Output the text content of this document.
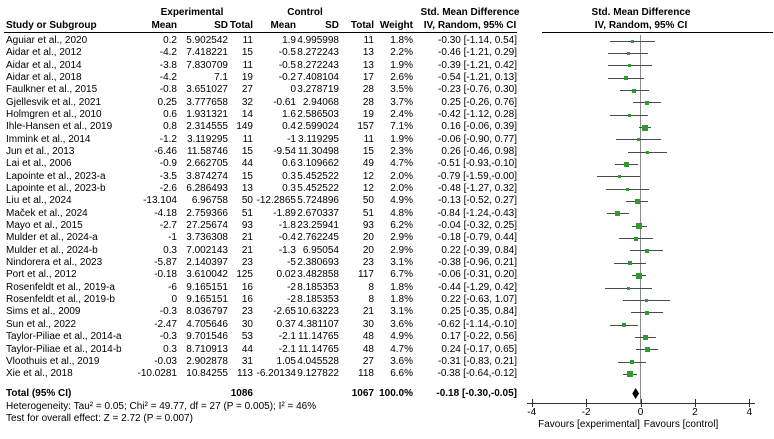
Experimental	Control	Std. Mean Difference	Std. Mean Difference
Study or Subgroup	Mean	SD Total	Mean	SD	Total Weight	IV, Random, 95% CI	IV, Random, 95% CI
Aguiar et al., 2020	0.2 5.902542	11	1.9 4.995998	11	1.8%	-0.30 [-1.14, 0.54]
Aidar et al., 2012	-4.2 7.418221	15	-0.5 8.272243	13	2.2%	-0.46 [-1.21, 0.29]
Aidar et al., 2014	-3.8 7.830709	11	-0.5 8.272243	13	1.9%	-0.39 [-1.21, 0.42]
Aidar et al., 2018	-4.2	7.1	19	-0.2 7.408104	17	2.6%	-0.54 [-1.21, 0.13]
Faulkner et al., 2015	-0.8 3.651027	27	0 3.278719	28	3.5%	-0.23 [-0.76, 0.30]
Gjellesvik et al., 2021	0.25 3.777658	32	-0.61 2.94068	28	3.7%	0.25 [-0.26, 0.76]
Holmgren et al., 2010	0.6 1.931321	14	1.6 2.586503	19	2.4%	-0.42 [-1.12, 0.28]
Ihle-Hansen et al., 2019	0.8 2.314555 149	0.4 2.599024	157	7.1%	0.16 [-0.06, 0.39]
Immink et al., 2014	-1.2	3.119295	11	-1 3.119295	11	1.9%	-0.06 [-0.90, 0.77]
Jun et al., 2013	-6.46	11.58746	15	-9.54 11.30498	15	2.3%	0.26 [-0.46, 0.98]
Lai et al., 2006	-0.9 2.662705	44	0.6 3.109662	49	4.7%	-0.51 [-0.93,-0.10]
Lapointe et al., 2023-a	-3.5 3.874274	15	0.3 5.452522	12	2.0%	-0.79 [-1.59,-0.00]
Lapointe et al., 2023-b	-2.6 6.286493	13	0.3 5.452522	12	2.0%	-0.48 [-1.27, 0.32]
Liu et al., 2024	-13.104	6.96758	50 -12.2865 5.724896	50	4.9%	-0.13 [-0.52, 0.27]
Maček et al., 2024	-4.18 2.759366	51	-1.89 2.670337	51	4.8%	-0.84 [-1.24,-0.43]
Mayo et al., 2015	-2.7 27.25674	93	-1.8 23.25941	93	6.2%	-0.04 [-0.32, 0.25]
Mulder et al., 2024-a	-1 3.736308	21	-0.4 2.762245	20	2.9%	-0.18 [-0.79, 0.44]
Mulder et al., 2024-b	0.3 7.002143	21	-1.3 6.95054	20	2.9%	0.22 [-0.39, 0.84]
Nindorera et al., 2023	-5.87 2.140397	23	-5 2.380693	23	3.1%	-0.38 [-0.96, 0.21]
Port et al., 2012	-0.18 3.610042 125	0.02 3.482858	117	6.7%	-0.06 [-0.31, 0.20]
Rosenfeldt et al., 2019-a	-6 9.165151	16	-2 8.185353	8	1.8%	-0.44 [-1.29, 0.42]
Rosenfeldt et al., 2019-b	0 9.165151	16	-2 8.185353	8	1.8%	0.22 [-0.63, 1.07]
Sims et al., 2009	-0.3 8.036797	23	-2.65 10.63223	21	3.1%	0.25 [-0.35, 0.84]
Sun et al., 2022	-2.47 4.705646	30	0.37 4.381107	30	3.6%	-0.62 [-1.14,-0.10]
Taylor-Piliae et al., 2014-a	-0.3 9.701546	53	-2.1 11.14765	48	4.9%	0.17 [-0.22, 0.56]
Taylor-Piliae et al., 2014-b	0.3 8.710913	44	-2.1 11.14765	48	4.7%	0.24 [-0.17, 0.65]
Vloothuis et al., 2019	-0.03 2.902878	31	1.05 4.045528	27	3.6%	-0.31 [-0.83, 0.21]
Xie et al., 2018	-10.0281 10.84255 113 -6.20134 9.127822	118	6.6%	-0.38 [-0.64,-0.12]
-4	-2	0	2	4
Total (95% CI)	1086	1067 100.0%	-0.18 [-0.30,-0.05]
Heterogeneity: Tau² = 0.05; Chi² = 49.77, df = 27 (P = 0.005); I² = 46%
Test for overall effect: Z = 2.72 (P = 0.007)
Favours [experimental] Favours [control]
